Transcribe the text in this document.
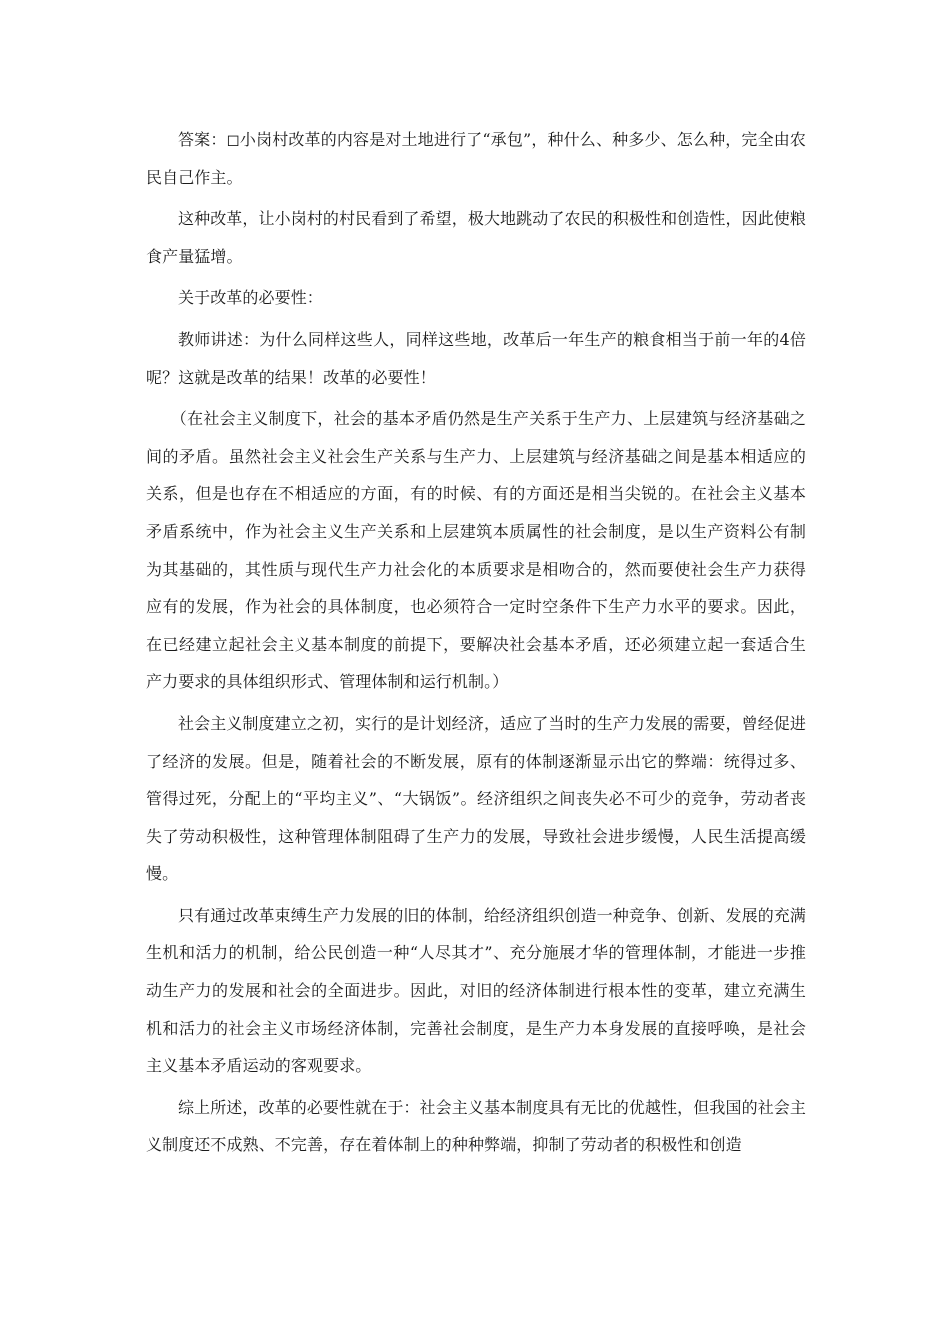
答案：◻小岗村改革的内容是对土地进行了“承包”，种什么、种多少、怎么种，完全由农民自己作主。

这种改革，让小岗村的村民看到了希望，极大地跳动了农民的积极性和创造性，因此使粮食产量猛增。

关于改革的必要性：

教师讲述：为什么同样这些人，同样这些地，改革后一年生产的粮食相当于前一年的4倍呢？这就是改革的结果！改革的必要性！

（在社会主义制度下，社会的基本矛盾仍然是生产关系于生产力、上层建筑与经济基础之间的矛盾。虽然社会主义社会生产关系与生产力、上层建筑与经济基础之间是基本相适应的关系，但是也存在不相适应的方面，有的时候、有的方面还是相当尖锐的。在社会主义基本矛盾系统中，作为社会主义生产关系和上层建筑本质属性的社会制度，是以生产资料公有制为其基础的，其性质与现代生产力社会化的本质要求是相吻合的，然而要使社会生产力获得应有的发展，作为社会的具体制度，也必须符合一定时空条件下生产力水平的要求。因此，在已经建立起社会主义基本制度的前提下，要解决社会基本矛盾，还必须建立起一套适合生产力要求的具体组织形式、管理体制和运行机制。）

社会主义制度建立之初，实行的是计划经济，适应了当时的生产力发展的需要，曾经促进了经济的发展。但是，随着社会的不断发展，原有的体制逐渐显示出它的弊端：统得过多、管得过死，分配上的“平均主义”、“大锅饭”。经济组织之间丧失必不可少的竞争，劳动者丧失了劳动积极性，这种管理体制阻碍了生产力的发展，导致社会进步缓慢，人民生活提高缓慢。

只有通过改革束缚生产力发展的旧的体制，给经济组织创造一种竞争、创新、发展的充满生机和活力的机制，给公民创造一种“人尽其才”、充分施展才华的管理体制，才能进一步推动生产力的发展和社会的全面进步。因此，对旧的经济体制进行根本性的变革，建立充满生机和活力的社会主义市场经济体制，完善社会制度，是生产力本身发展的直接呼唤，是社会主义基本矛盾运动的客观要求。

综上所述，改革的必要性就在于：社会主义基本制度具有无比的优越性，但我国的社会主义制度还不成熟、不完善，存在着体制上的种种弊端，抑制了劳动者的积极性和创造
